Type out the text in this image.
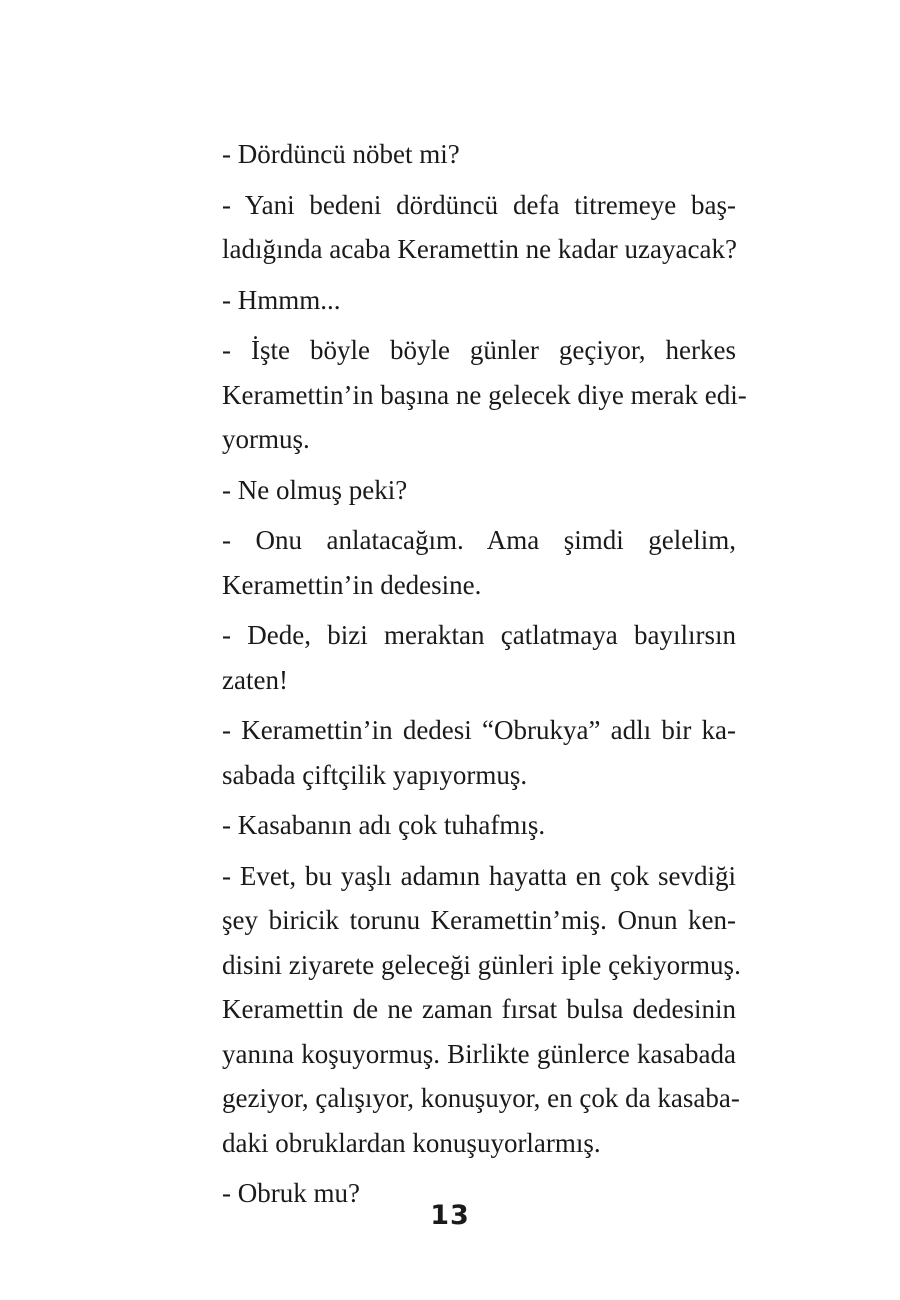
- Dördüncü nöbet mi?
- Yani bedeni dördüncü defa titremeye baş-
ladığında acaba Keramettin ne kadar uzayacak?
- Hmmm...
- İşte böyle böyle günler geçiyor, herkes
Keramettin’in başına ne gelecek diye merak edi-
yormuş.
- Ne olmuş peki?
- Onu anlatacağım. Ama şimdi gelelim,
Keramettin’in dedesine.
- Dede, bizi meraktan çatlatmaya bayılırsın
zaten!
- Keramettin’in dedesi “Obrukya” adlı bir ka-
sabada çiftçilik yapıyormuş.
- Kasabanın adı çok tuhafmış.
- Evet, bu yaşlı adamın hayatta en çok sevdiği
şey biricik torunu Keramettin’miş. Onun ken-
disini ziyarete geleceği günleri iple çekiyormuş.
Keramettin de ne zaman fırsat bulsa dedesinin
yanına koşuyormuş. Birlikte günlerce kasabada
geziyor, çalışıyor, konuşuyor, en çok da kasaba-
daki obruklardan konuşuyorlarmış.
- Obruk mu?
13
